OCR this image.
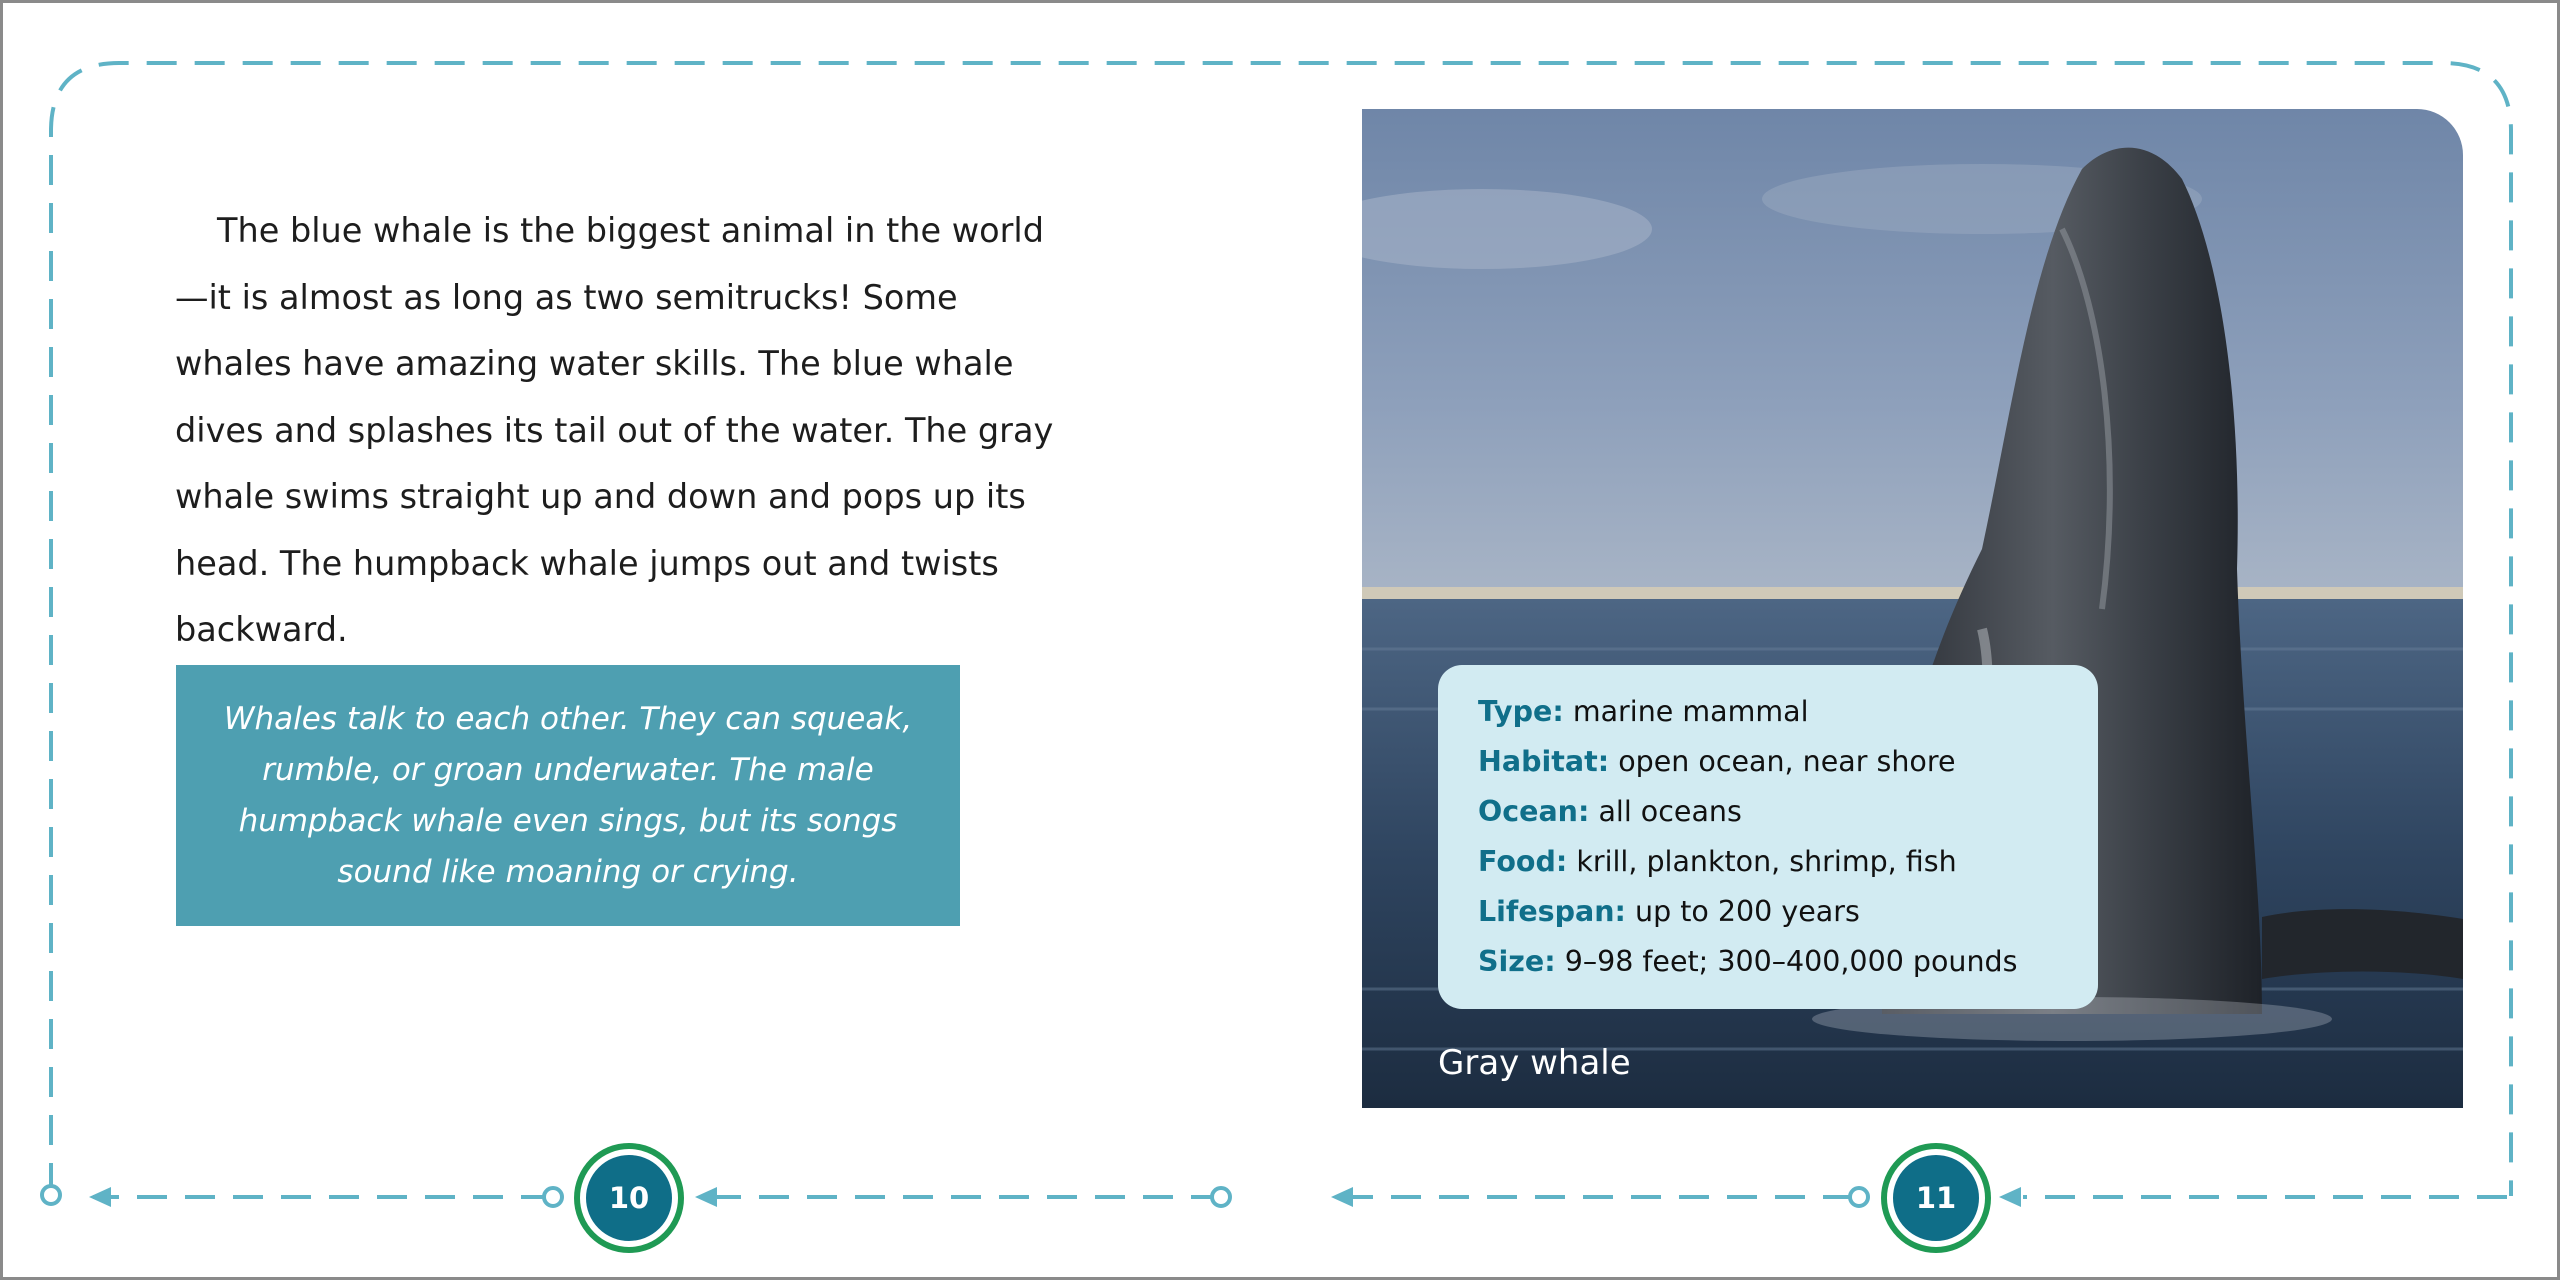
The blue whale is the biggest animal in the world—it is almost as long as two semitrucks! Some whales have amazing water skills. The blue whale dives and splashes its tail out of the water. The gray whale swims straight up and down and pops up its head. The humpback whale jumps out and twists backward.

Whales talk to each other. They can squeak, rumble, or groan underwater. The male humpback whale even sings, but its songs sound like moaning or crying.

Type: marine mammal
Habitat: open ocean, near shore
Ocean: all oceans
Food: krill, plankton, shrimp, fish
Lifespan: up to 200 years
Size: 9–98 feet; 300–400,000 pounds
Gray whale
10	11
